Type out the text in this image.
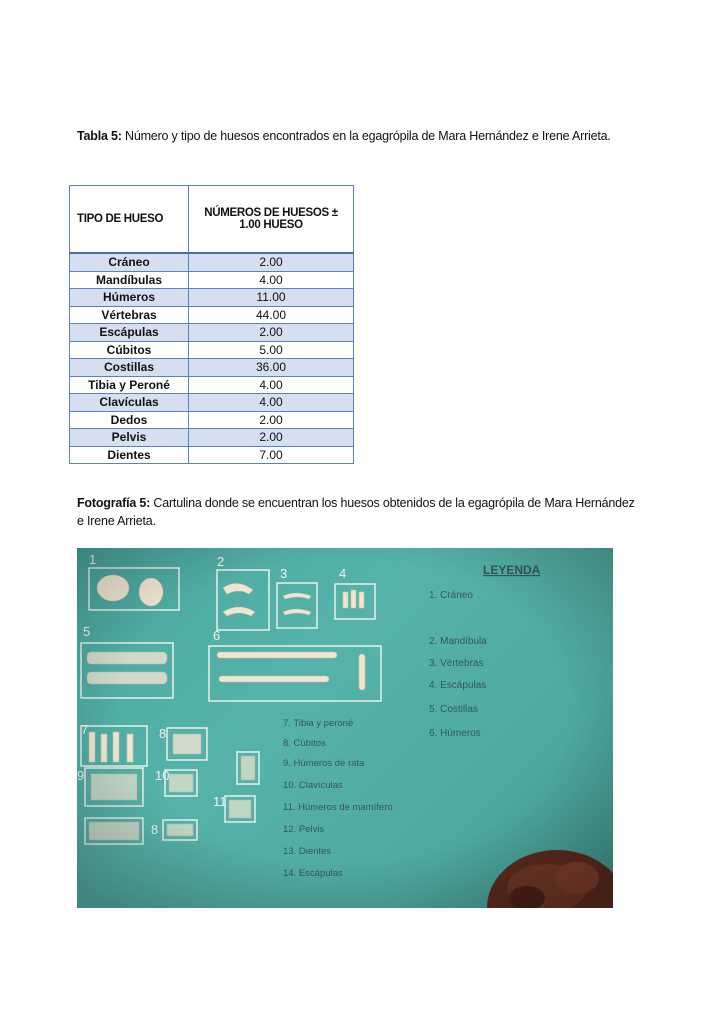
Tabla 5: Número y tipo de huesos encontrados en la egagrópila de Mara Hernández e Irene Arrieta.
TIPO DE HUESO	NÚMEROS DE HUESOS ± 1.00 HUESO
Cráneo	2.00
Mandíbulas	4.00
Húmeros	11.00
Vértebras	44.00
Escápulas	2.00
Cúbitos	5.00
Costillas	36.00
Tibia y Peroné	4.00
Clavículas	4.00
Dedos	2.00
Pelvis	2.00
Dientes	7.00
Fotografía 5: Cartulina donde se encuentran los huesos obtenidos de la egagrópila de Mara Hernández e Irene Arrieta.
